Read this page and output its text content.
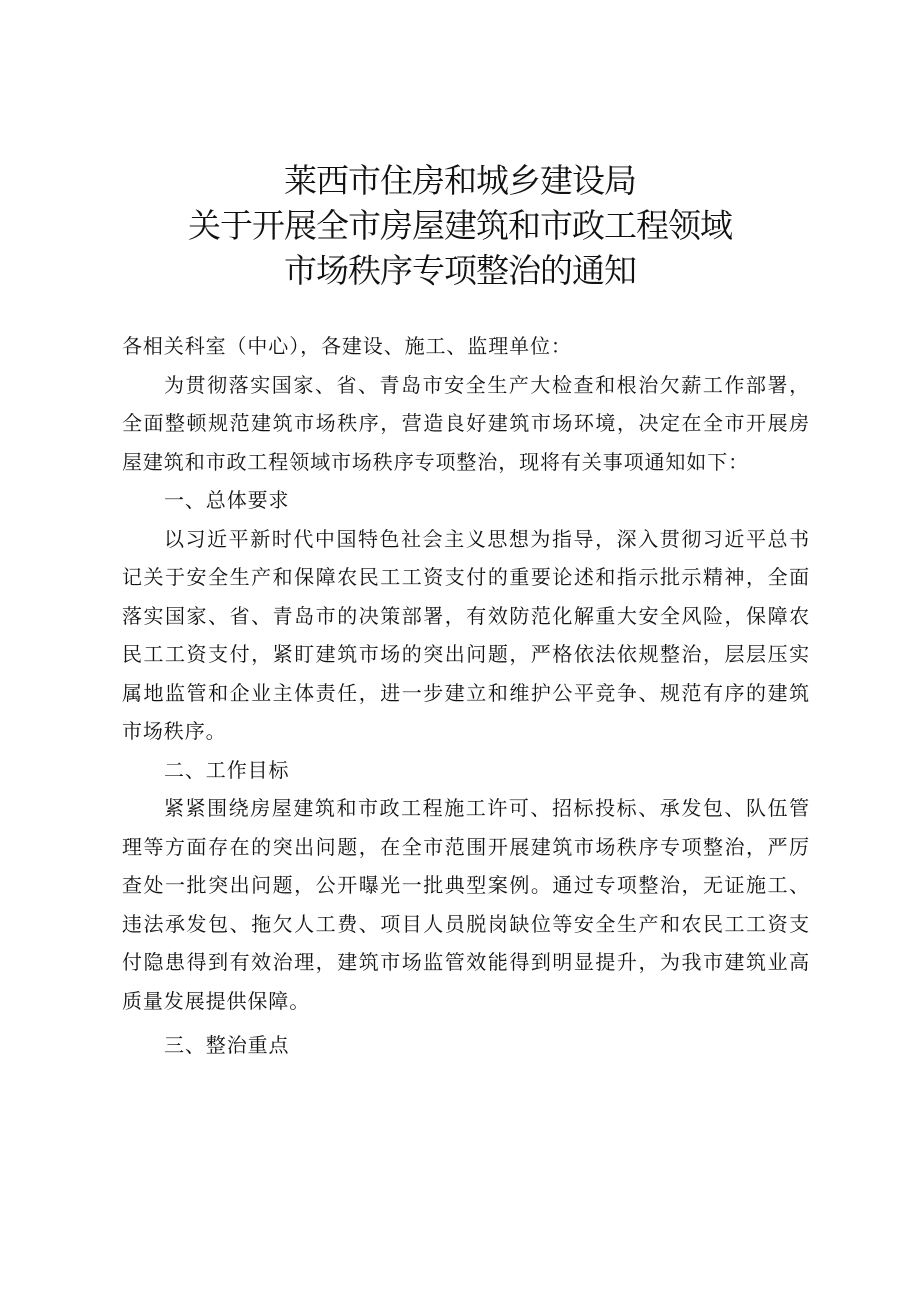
莱西市住房和城乡建设局
关于开展全市房屋建筑和市政工程领域
市场秩序专项整治的通知

各相关科室（中心），各建设、施工、监理单位：

为贯彻落实国家、省、青岛市安全生产大检查和根治欠薪工作部署，全面整顿规范建筑市场秩序，营造良好建筑市场环境，决定在全市开展房屋建筑和市政工程领域市场秩序专项整治，现将有关事项通知如下：

一、总体要求

以习近平新时代中国特色社会主义思想为指导，深入贯彻习近平总书记关于安全生产和保障农民工工资支付的重要论述和指示批示精神，全面落实国家、省、青岛市的决策部署，有效防范化解重大安全风险，保障农民工工资支付，紧盯建筑市场的突出问题，严格依法依规整治，层层压实属地监管和企业主体责任，进一步建立和维护公平竞争、规范有序的建筑市场秩序。

二、工作目标

紧紧围绕房屋建筑和市政工程施工许可、招标投标、承发包、队伍管理等方面存在的突出问题，在全市范围开展建筑市场秩序专项整治，严厉查处一批突出问题，公开曝光一批典型案例。通过专项整治，无证施工、违法承发包、拖欠人工费、项目人员脱岗缺位等安全生产和农民工工资支付隐患得到有效治理，建筑市场监管效能得到明显提升，为我市建筑业高质量发展提供保障。

三、整治重点
